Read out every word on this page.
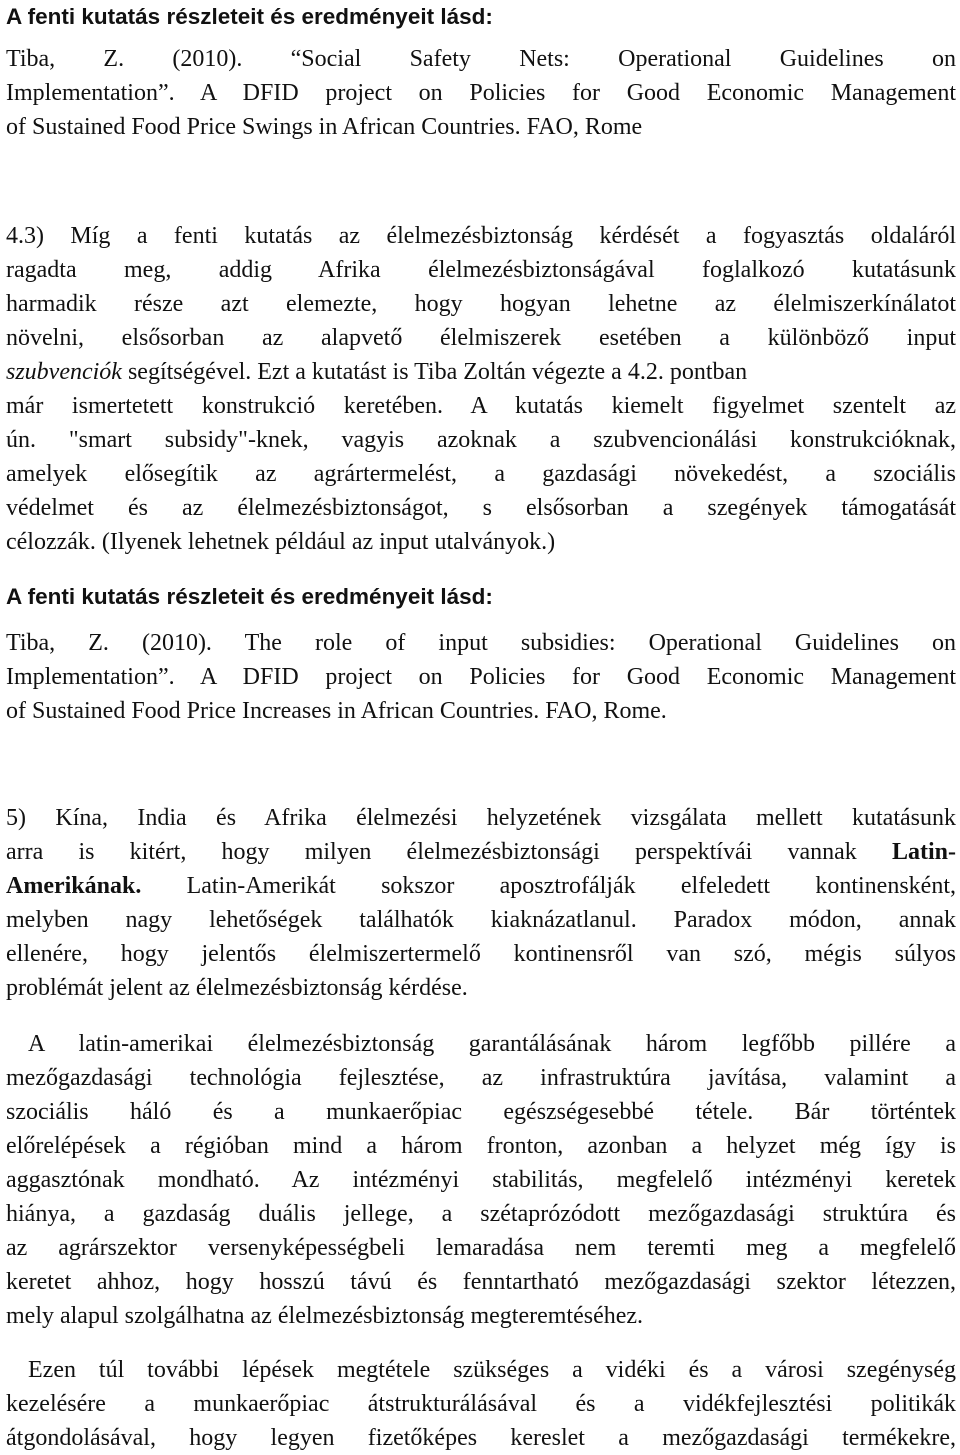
A fenti kutatás részleteit és eredményeit lásd:

Tiba, Z. (2010). “Social Safety Nets: Operational Guidelines on
Implementation”. A DFID project on Policies for Good Economic Management
of Sustained Food Price Swings in African Countries. FAO, Rome
4.3) Míg a fenti kutatás az élelmezésbiztonság kérdését a fogyasztás oldaláról
ragadta meg, addig Afrika élelmezésbiztonságával foglalkozó kutatásunk
harmadik része azt elemezte, hogy hogyan lehetne az élelmiszerkínálatot
növelni, elsősorban az alapvető élelmiszerek esetében a különböző input
szubvenciók segítségével. Ezt a kutatást is Tiba Zoltán végezte a 4.2. pontban
már ismertetett konstrukció keretében. A kutatás kiemelt figyelmet szentelt az
ún. "smart subsidy"-knek, vagyis azoknak a szubvencionálási konstrukcióknak,
amelyek elősegítik az agrártermelést, a gazdasági növekedést, a szociális
védelmet és az élelmezésbiztonságot, s elsősorban a szegények támogatását
célozzák. (Ilyenek lehetnek például az input utalványok.)

A fenti kutatás részleteit és eredményeit lásd:

Tiba, Z. (2010). The role of input subsidies: Operational Guidelines on
Implementation”. A DFID project on Policies for Good Economic Management
of Sustained Food Price Increases in African Countries. FAO, Rome.
5) Kína, India és Afrika élelmezési helyzetének vizsgálata mellett kutatásunk
arra is kitért, hogy milyen élelmezésbiztonsági perspektívái vannak Latin-
Amerikának. Latin-Amerikát sokszor aposztrofálják elfeledett kontinensként,
melyben nagy lehetőségek találhatók kiaknázatlanul. Paradox módon, annak
ellenére, hogy jelentős élelmiszertermelő kontinensről van szó, mégis súlyos
problémát jelent az élelmezésbiztonság kérdése.
A latin-amerikai élelmezésbiztonság garantálásának három legfőbb pillére a
mezőgazdasági technológia fejlesztése, az infrastruktúra javítása, valamint a
szociális háló és a munkaerőpiac egészségesebbé tétele. Bár történtek
előrelépések a régióban mind a három fronton, azonban a helyzet még így is
aggasztónak mondható. Az intézményi stabilitás, megfelelő intézményi keretek
hiánya, a gazdaság duális jellege, a szétaprózódott mezőgazdasági struktúra és
az agrárszektor versenyképességbeli lemaradása nem teremti meg a megfelelő
keretet ahhoz, hogy hosszú távú és fenntartható mezőgazdasági szektor létezzen,
mely alapul szolgálhatna az élelmezésbiztonság megteremtéséhez.
Ezen túl további lépések megtétele szükséges a vidéki és a városi szegénység
kezelésére a munkaerőpiac átstrukturálásával és a vidékfejlesztési politikák
átgondolásával, hogy legyen fizetőképes kereslet a mezőgazdasági termékekre,
